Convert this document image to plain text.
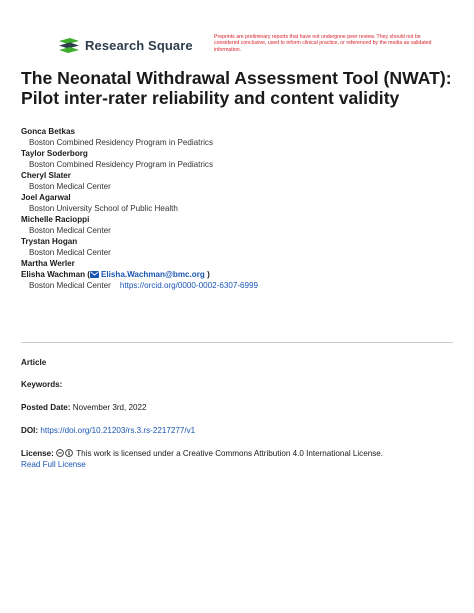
Research Square
Preprints are preliminary reports that have not undergone peer review. They should not be considered conclusive, used to inform clinical practice, or referenced by the media as validated information.
The Neonatal Withdrawal Assessment Tool (NWAT): Pilot inter-rater reliability and content validity
Gonca Betkas
Boston Combined Residency Program in Pediatrics
Taylor Soderborg
Boston Combined Residency Program in Pediatrics
Cheryl Slater
Boston Medical Center
Joel Agarwal
Boston University School of Public Health
Michelle Racioppi
Boston Medical Center
Trystan Hogan
Boston Medical Center
Martha Werler
Elisha Wachman ( Elisha.Wachman@bmc.org )
Boston Medical Center https://orcid.org/0000-0002-6307-6999
Article
Keywords:
Posted Date: November 3rd, 2022
DOI: https://doi.org/10.21203/rs.3.rs-2217277/v1
License:	This work is licensed under a Creative Commons Attribution 4.0 International License.
Read Full License
